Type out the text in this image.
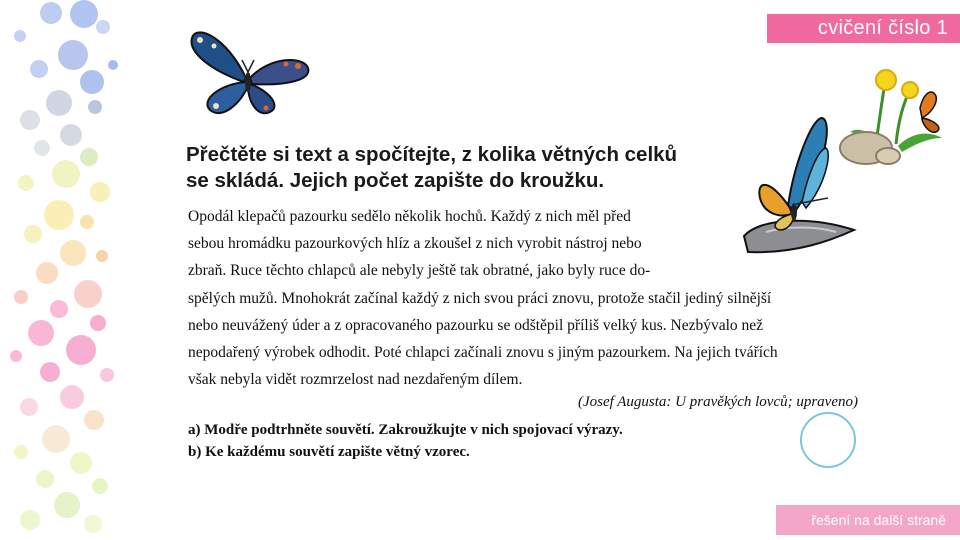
cvičení číslo 1
Přečtěte si text a spočítejte, z kolika větných celků
se skládá. Jejich počet zapište do kroužku.
Opodál klepačů pazourku sedělo několik hochů. Každý z nich měl před
sebou hromádku pazourkových hlíz a zkoušel z nich vyrobit nástroj nebo
zbraň. Ruce těchto chlapců ale nebyly ještě tak obratné, jako byly ruce do-
spělých mužů. Mnohokrát začínal každý z nich svou práci znovu, protože stačil jediný silnější
nebo neuvážený úder a z opracovaného pazourku se odštěpil příliš velký kus. Nezbývalo než
nepodařený výrobek odhodit. Poté chlapci začínali znovu s jiným pazourkem. Na jejich tvářích
však nebyla vidět rozmrzelost nad nezdařeným dílem.
(Josef Augusta: U pravěkých lovců; upraveno)
a) Modře podtrhněte souvětí. Zakroužkujte v nich spojovací výrazy.
b) Ke každému souvětí zapište větný vzorec.
řešení na další straně
